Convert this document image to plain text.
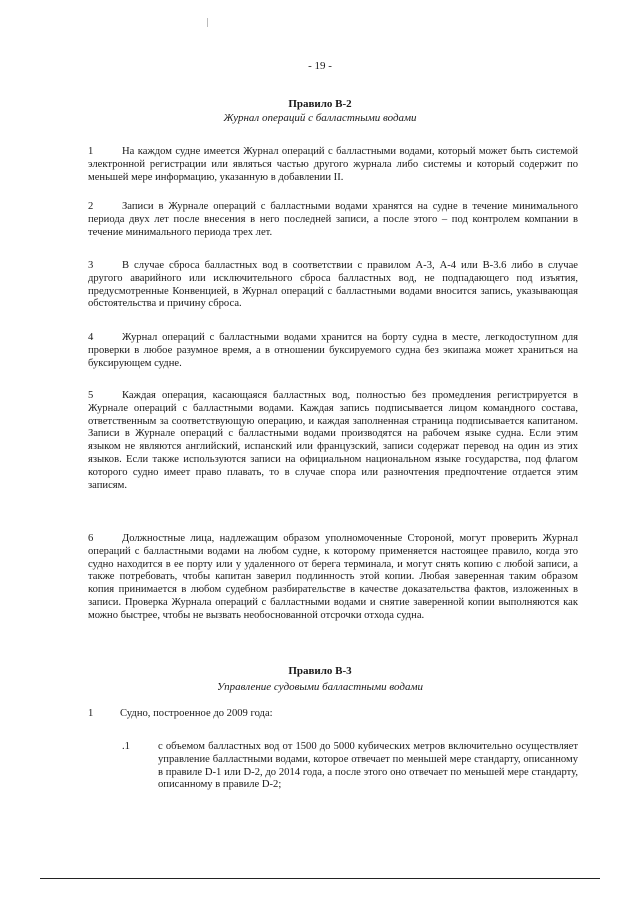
- 19 -
Правило В-2
Журнал операций с балластными водами

1	На каждом судне имеется Журнал операций с балластными водами, который может быть системой электронной регистрации или являться частью другого журнала либо системы и который содержит по меньшей мере информацию, указанную в добавлении II.

2	Записи в Журнале операций с балластными водами хранятся на судне в течение минимального периода двух лет после внесения в него последней записи, а после этого – под контролем компании в течение минимального периода трех лет.

3	В случае сброса балластных вод в соответствии с правилом А-3, А-4 или В-3.6 либо в случае другого аварийного или исключительного сброса балластных вод, не подпадающего под изъятия, предусмотренные Конвенцией, в Журнал операций с балластными водами вносится запись, указывающая обстоятельства и причину сброса.

4	Журнал операций с балластными водами хранится на борту судна в месте, легкодоступном для проверки в любое разумное время, а в отношении буксируемого судна без экипажа может храниться на буксирующем судне.

5	Каждая операция, касающаяся балластных вод, полностью без промедления регистрируется в Журнале операций с балластными водами. Каждая запись подписывается лицом командного состава, ответственным за соответствующую операцию, и каждая заполненная страница подписывается капитаном. Записи в Журнале операций с балластными водами производятся на рабочем языке судна. Если этим языком не являются английский, испанский или французский, записи содержат перевод на один из этих языков. Если также используются записи на официальном национальном языке государства, под флагом которого судно имеет право плавать, то в случае спора или разночтения предпочтение отдается этим записям.

6	Должностные лица, надлежащим образом уполномоченные Стороной, могут проверить Журнал операций с балластными водами на любом судне, к которому применяется настоящее правило, когда это судно находится в ее порту или у удаленного от берега терминала, и могут снять копию с любой записи, а также потребовать, чтобы капитан заверил подлинность этой копии. Любая заверенная таким образом копия принимается в любом судебном разбирательстве в качестве доказательства фактов, изложенных в записи. Проверка Журнала операций с балластными водами и снятие заверенной копии выполняются как можно быстрее, чтобы не вызвать необоснованной отсрочки отхода судна.

Правило В-3
Управление судовыми балластными водами
1	Судно, построенное до 2009 года:
.1	с объемом балластных вод от 1500 до 5000 кубических метров включительно осуществляет управление балластными водами, которое отвечает по меньшей мере стандарту, описанному в правиле D-1 или D-2, до 2014 года, а после этого оно отвечает по меньшей мере стандарту, описанному в правиле D-2;
